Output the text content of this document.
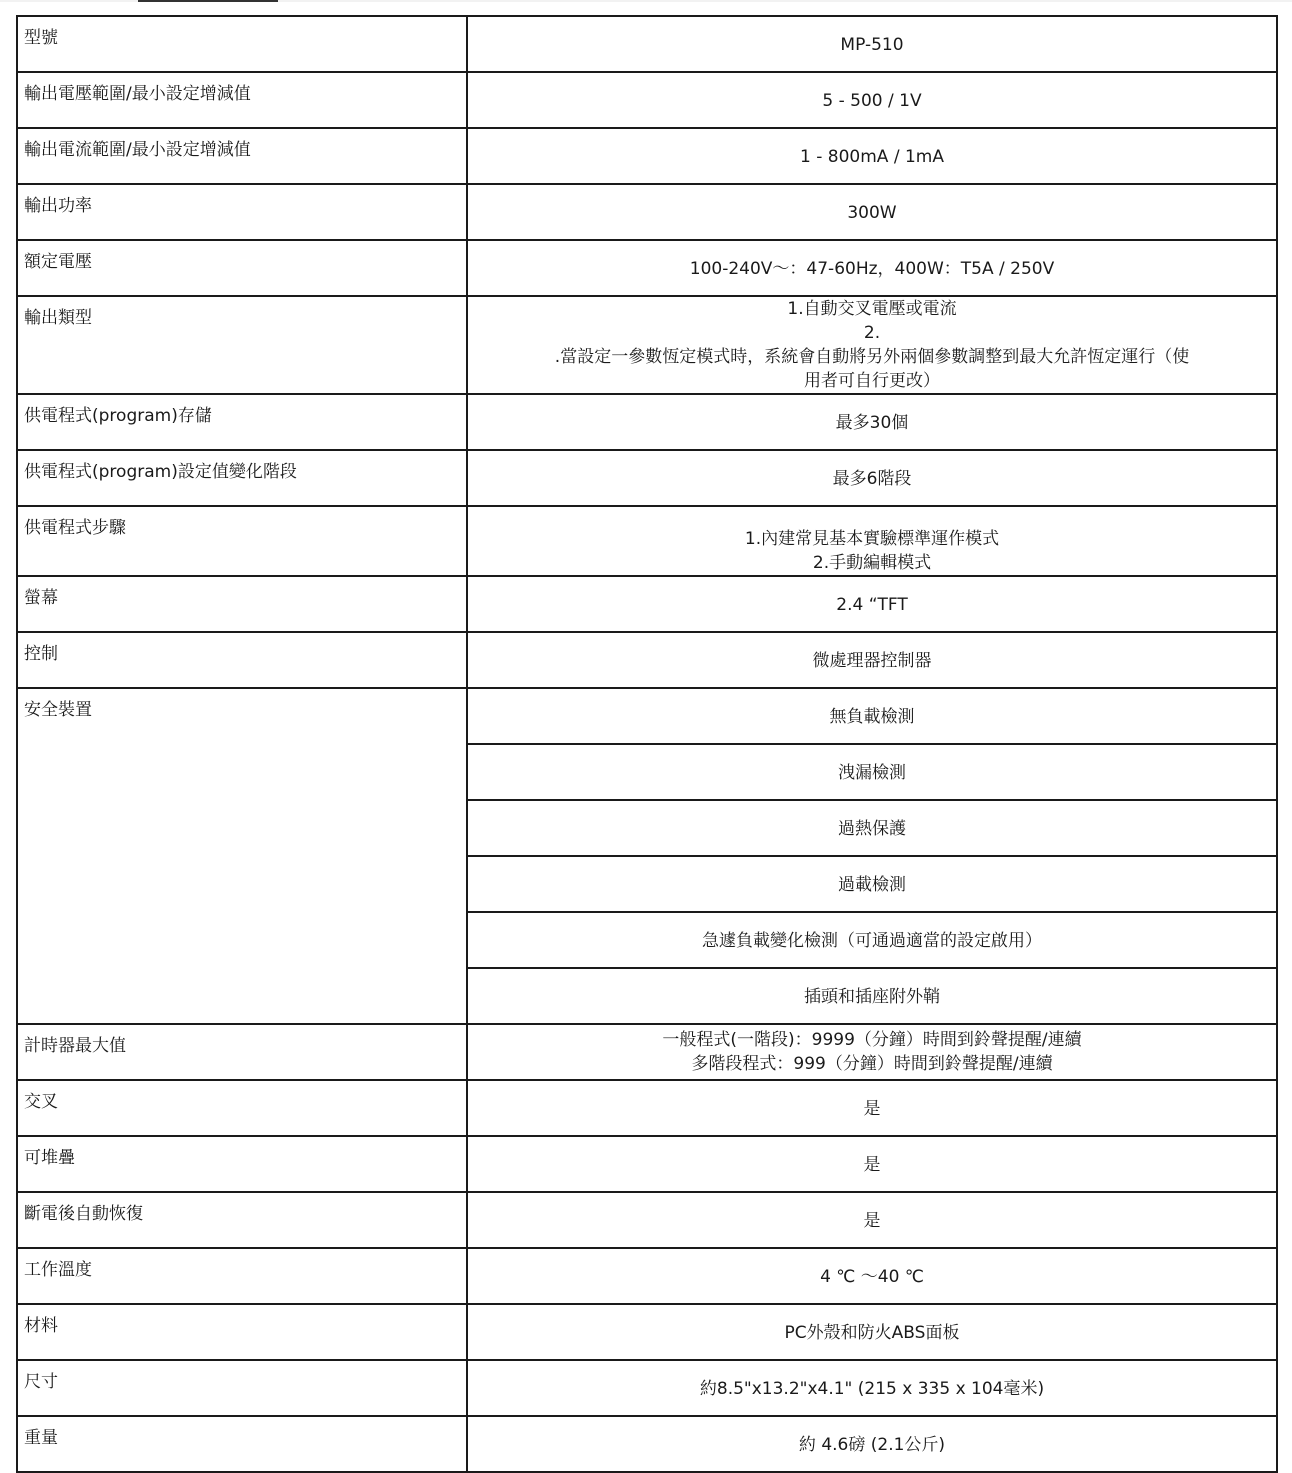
型號	MP-510
輸出電壓範圍/最小設定增減值	5 - 500 / 1V
輸出電流範圍/最小設定增減值	1 - 800mA / 1mA
輸出功率	300W
額定電壓	100-240V～：47-60Hz，400W：T5A / 250V
輸出類型	1.自動交叉電壓或電流
2.
.當設定一參數恆定模式時，系統會自動將另外兩個參數調整到最大允許恆定運行（使
用者可自行更改）

供電程式(program)存儲	最多30個
供電程式(program)設定值變化階段	最多6階段
供電程式步驟	1.內建常見基本實驗標準運作模式
2.手動編輯模式

螢幕	2.4 “TFT
控制	微處理器控制器
安全裝置	無負載檢測
	洩漏檢測
	過熱保護
	過載檢測
	急遽負載變化檢測（可通過適當的設定啟用）
	插頭和插座附外鞘
計時器最大值	一般程式(一階段)：9999（分鐘）時間到鈴聲提醒/連續
多階段程式：999（分鐘）時間到鈴聲提醒/連續

交叉	是
可堆疊	是
斷電後自動恢復	是
工作溫度	4 ℃ ～40 ℃
材料	PC外殼和防火ABS面板
尺寸	約8.5"x13.2"x4.1" (215 x 335 x 104毫米)
重量	約 4.6磅 (2.1公斤)
